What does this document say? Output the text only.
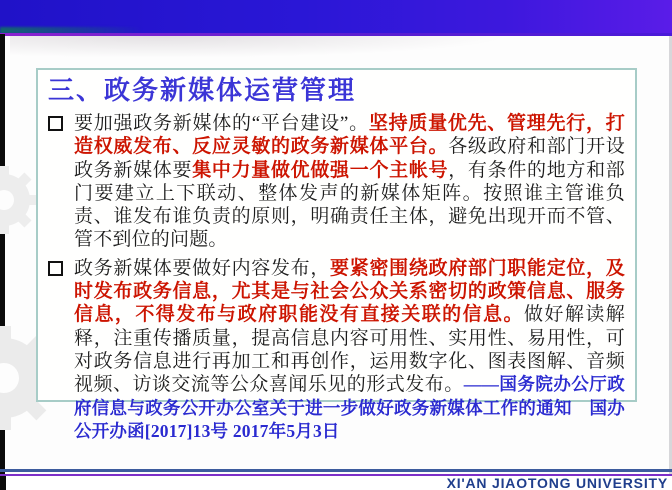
三、政务新媒体运营管理

要加强政务新媒体的“平台建设”。坚持质量优先、管理先行，打造权威发布、反应灵敏的政务新媒体平台。各级政府和部门开设政务新媒体要集中力量做优做强一个主帐号，有条件的地方和部门要建立上下联动、整体发声的新媒体矩阵。按照谁主管谁负责、谁发布谁负责的原则，明确责任主体，避免出现开而不管、管不到位的问题。

政务新媒体要做好内容发布，要紧密围绕政府部门职能定位，及时发布政务信息，尤其是与社会公众关系密切的政策信息、服务信息，不得发布与政府职能没有直接关联的信息。做好解读解释，注重传播质量，提高信息内容可用性、实用性、易用性，可对政务信息进行再加工和再创作，运用数字化、图表图解、音频视频、访谈交流等公众喜闻乐见的形式发布。——国务院办公厅政府信息与政务公开办公室关于进一步做好政务新媒体工作的通知　国办公开办函[2017]13号 2017年5月3日

XI'AN JIAOTONG UNIVERSITY
